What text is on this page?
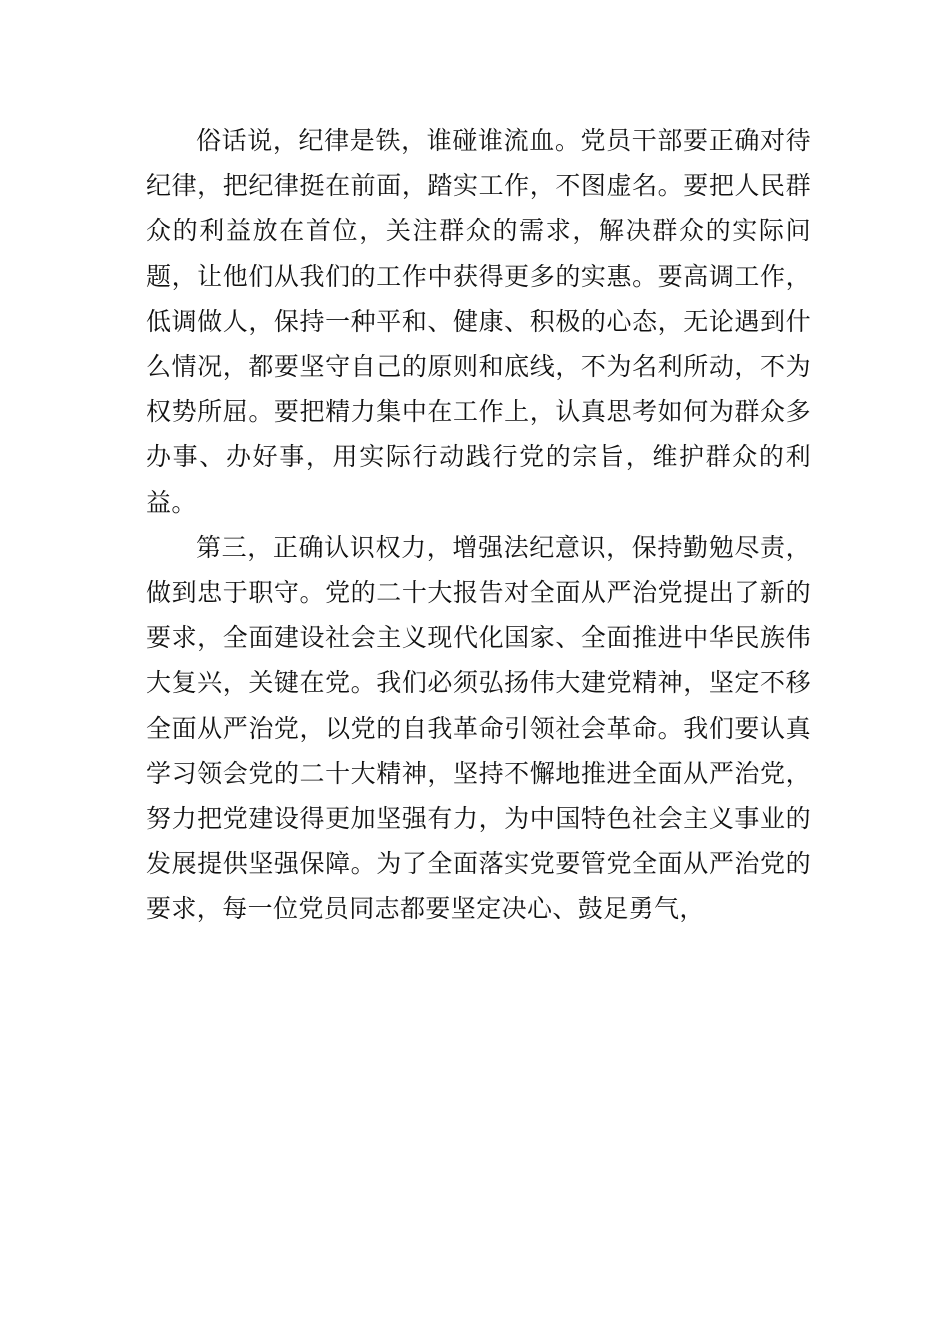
俗话说，纪律是铁，谁碰谁流血。党员干部要正确对待纪律，把纪律挺在前面，踏实工作，不图虚名。要把人民群众的利益放在首位，关注群众的需求，解决群众的实际问题，让他们从我们的工作中获得更多的实惠。要高调工作，低调做人，保持一种平和、健康、积极的心态，无论遇到什么情况，都要坚守自己的原则和底线，不为名利所动，不为权势所屈。要把精力集中在工作上，认真思考如何为群众多办事、办好事，用实际行动践行党的宗旨，维护群众的利益。

第三，正确认识权力，增强法纪意识，保持勤勉尽责，做到忠于职守。党的二十大报告对全面从严治党提出了新的要求，全面建设社会主义现代化国家、全面推进中华民族伟大复兴，关键在党。我们必须弘扬伟大建党精神，坚定不移全面从严治党，以党的自我革命引领社会革命。我们要认真学习领会党的二十大精神，坚持不懈地推进全面从严治党，努力把党建设得更加坚强有力，为中国特色社会主义事业的发展提供坚强保障。为了全面落实党要管党全面从严治党的要求，每一位党员同志都要坚定决心、鼓足勇气，
